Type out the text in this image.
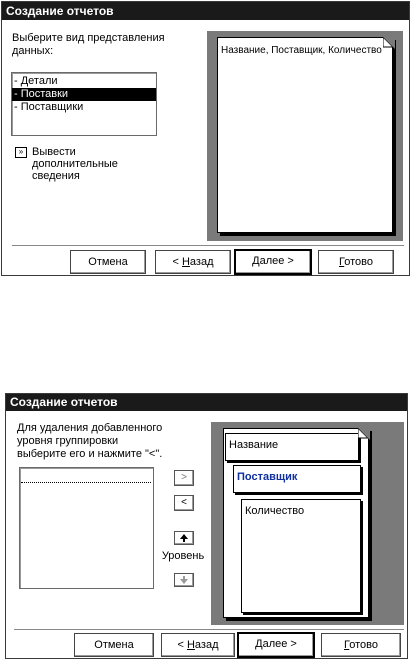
Создание отчетов
Выберите вид представления данных:
- Детали
- Поставки
- Поставщики
» Вывести дополнительные сведения
Название, Поставщик, Количество
Отмена	< Назад	Далее >	Готово
Создание отчетов
Для удаления добавленного уровня группировки выберите его и нажмите "<".
>
<
Уровень
Название
Поставщик
Количество
Отмена	< Назад	Далее >	Готово
